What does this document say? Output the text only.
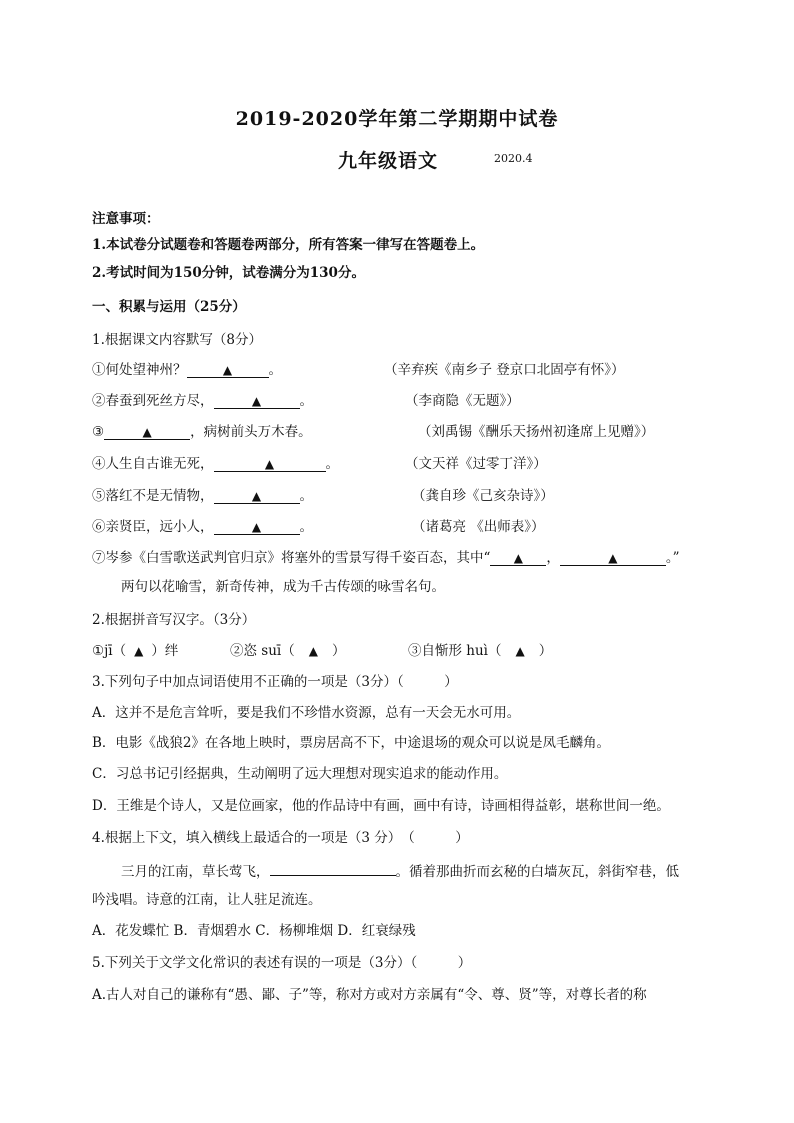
2019-2020学年第二学期期中试卷
九年级语文	2020.4
注意事项：
1.本试卷分试题卷和答题卷两部分，所有答案一律写在答题卷上。
2.考试时间为150分钟，试卷满分为130分。
一、积累与运用（25分）
1.根据课文内容默写（8分）
①何处望神州？	▲	。	（辛弃疾《南乡子 登京口北固亭有怀》）
②春蚕到死丝方尽，	▲	。	（李商隐《无题》）
③	▲	，病树前头万木春。	（刘禹锡《酬乐天扬州初逢席上见赠》）
④人生自古谁无死，	▲	。	（文天祥《过零丁洋》）
⑤落红不是无情物，	▲	。	（龚自珍《己亥杂诗》）
⑥亲贤臣，远小人，	▲	。	（诸葛亮 《出师表》）
⑦岑参《白雪歌送武判官归京》将塞外的雪景写得千姿百态，其中“ ▲ ，	▲	。”
两句以花喻雪，新奇传神，成为千古传颂的咏雪名句。
2.根据拼音写汉字。（3分）
①jī（ ▲ ）绊	②恣 suī（ ▲ ）	③自惭形 huì（ ▲ ）
3.下列句子中加点词语使用不正确的一项是（3分）（　　　）
A．这并不是危言耸听，要是我们不珍惜水资源，总有一天会无水可用。
B．电影《战狼2》在各地上映时，票房居高不下，中途退场的观众可以说是凤毛麟角。
C．习总书记引经据典，生动阐明了远大理想对现实追求的能动作用。
D．王维是个诗人，又是位画家，他的作品诗中有画，画中有诗，诗画相得益彰，堪称世间一绝。
4.根据上下文，填入横线上最适合的一项是（3 分）　（　　　）
三月的江南，草长莺飞，	。循着那曲折而玄秘的白墙灰瓦，斜街窄巷，低
吟浅唱。诗意的江南，让人驻足流连。
A．花发蝶忙 B．青烟碧水 C．杨柳堆烟 D．红衰绿残
5.下列关于文学文化常识的表述有误的一项是（3分）（　　　）
A.古人对自己的谦称有“愚、鄙、子”等，称对方或对方亲属有“令、尊、贤”等，对尊长者的称
